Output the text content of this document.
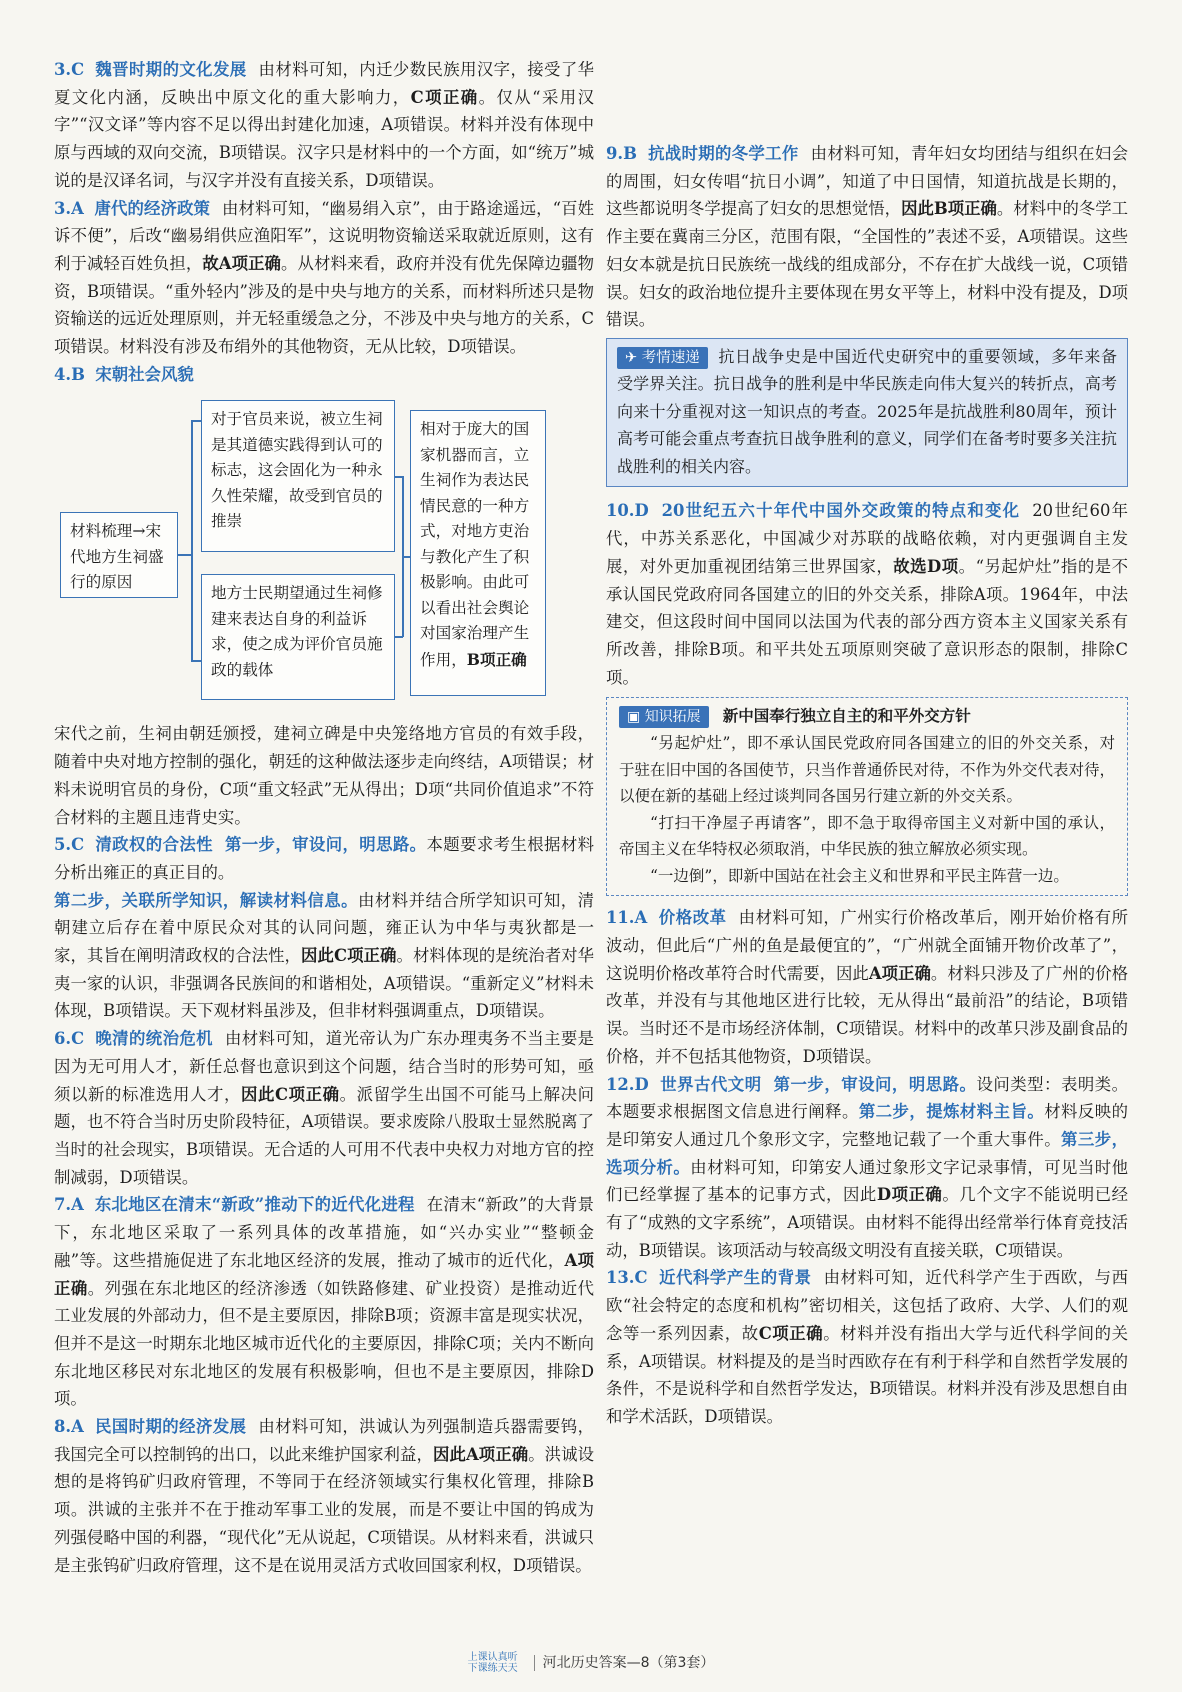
3.C 魏晋时期的文化发展 由材料可知，内迁少数民族用汉字，接受了华夏文化内涵，反映出中原文化的重大影响力，C项正确。仅从“采用汉字”“汉文译”等内容不足以得出封建化加速，A项错误。材料并没有体现中原与西域的双向交流，B项错误。汉字只是材料中的一个方面，如“统万”城说的是汉译名词，与汉字并没有直接关系，D项错误。

3.A 唐代的经济政策 由材料可知，“幽易绢入京”，由于路途遥远，“百姓诉不便”，后改“幽易绢供应渔阳军”，这说明物资输送采取就近原则，这有利于减轻百姓负担，故A项正确。从材料来看，政府并没有优先保障边疆物资，B项错误。“重外轻内”涉及的是中央与地方的关系，而材料所述只是物资输送的远近处理原则，并无轻重缓急之分，不涉及中央与地方的关系，C项错误。材料没有涉及布绢外的其他物资，无从比较，D项错误。

4.B 宋朝社会风貌

材料梳理→宋代地方生祠盛行的原因
对于官员来说，被立生祠是其道德实践得到认可的标志，这会固化为一种永久性荣耀，故受到官员的推崇
地方士民期望通过生祠修建来表达自身的利益诉求，使之成为评价官员施政的载体
相对于庞大的国家机器而言，立生祠作为表达民情民意的一种方式，对地方吏治与教化产生了积极影响。由此可以看出社会舆论对国家治理产生作用，B项正确

宋代之前，生祠由朝廷颁授，建祠立碑是中央笼络地方官员的有效手段，随着中央对地方控制的强化，朝廷的这种做法逐步走向终结，A项错误；材料未说明官员的身份，C项“重文轻武”无从得出；D项“共同价值追求”不符合材料的主题且违背史实。

5.C 清政权的合法性 第一步，审设问，明思路。本题要求考生根据材料分析出雍正的真正目的。
第二步，关联所学知识，解读材料信息。由材料并结合所学知识可知，清朝建立后存在着中原民众对其的认同问题，雍正认为中华与夷狄都是一家，其旨在阐明清政权的合法性，因此C项正确。材料体现的是统治者对华夷一家的认识，非强调各民族间的和谐相处，A项错误。“重新定义”材料未体现，B项错误。天下观材料虽涉及，但非材料强调重点，D项错误。

6.C 晚清的统治危机 由材料可知，道光帝认为广东办理夷务不当主要是因为无可用人才，新任总督也意识到这个问题，结合当时的形势可知，亟须以新的标准选用人才，因此C项正确。派留学生出国不可能马上解决问题，也不符合当时历史阶段特征，A项错误。要求废除八股取士显然脱离了当时的社会现实，B项错误。无合适的人可用不代表中央权力对地方官的控制减弱，D项错误。

7.A 东北地区在清末“新政”推动下的近代化进程 在清末“新政”的大背景下，东北地区采取了一系列具体的改革措施，如“兴办实业”“整顿金融”等。这些措施促进了东北地区经济的发展，推动了城市的近代化，A项正确。列强在东北地区的经济渗透（如铁路修建、矿业投资）是推动近代工业发展的外部动力，但不是主要原因，排除B项；资源丰富是现实状况，但并不是这一时期东北地区城市近代化的主要原因，排除C项；关内不断向东北地区移民对东北地区的发展有积极影响，但也不是主要原因，排除D项。

8.A 民国时期的经济发展 由材料可知，洪诚认为列强制造兵器需要钨，我国完全可以控制钨的出口，以此来维护国家利益，因此A项正确。洪诚设想的是将钨矿归政府管理，不等同于在经济领域实行集权化管理，排除B项。洪诚的主张并不在于推动军事工业的发展，而是不要让中国的钨成为列强侵略中国的利器，“现代化”无从说起，C项错误。从材料来看，洪诚只是主张钨矿归政府管理，这不是在说用灵活方式收回国家利权，D项错误。

9.B 抗战时期的冬学工作 由材料可知，青年妇女均团结与组织在妇会的周围，妇女传唱“抗日小调”，知道了中日国情，知道抗战是长期的，这些都说明冬学提高了妇女的思想觉悟，因此B项正确。材料中的冬学工作主要在冀南三分区，范围有限，“全国性的”表述不妥，A项错误。这些妇女本就是抗日民族统一战线的组成部分，不存在扩大战线一说，C项错误。妇女的政治地位提升主要体现在男女平等上，材料中没有提及，D项错误。

✈ 考情速递 抗日战争史是中国近代史研究中的重要领域，多年来备受学界关注。抗日战争的胜利是中华民族走向伟大复兴的转折点，高考向来十分重视对这一知识点的考查。2025年是抗战胜利80周年，预计高考可能会重点考查抗日战争胜利的意义，同学们在备考时要多关注抗战胜利的相关内容。

10.D 20世纪五六十年代中国外交政策的特点和变化 20世纪60年代，中苏关系恶化，中国减少对苏联的战略依赖，对内更强调自主发展，对外更加重视团结第三世界国家，故选D项。“另起炉灶”指的是不承认国民党政府同各国建立的旧的外交关系，排除A项。1964年，中法建交，但这段时间中国同以法国为代表的部分西方资本主义国家关系有所改善，排除B项。和平共处五项原则突破了意识形态的限制，排除C项。

▣ 知识拓展 新中国奉行独立自主的和平外交方针

“另起炉灶”，即不承认国民党政府同各国建立的旧的外交关系，对于驻在旧中国的各国使节，只当作普通侨民对待，不作为外交代表对待，以便在新的基础上经过谈判同各国另行建立新的外交关系。

“打扫干净屋子再请客”，即不急于取得帝国主义对新中国的承认，帝国主义在华特权必须取消，中华民族的独立解放必须实现。

“一边倒”，即新中国站在社会主义和世界和平民主阵营一边。

11.A 价格改革 由材料可知，广州实行价格改革后，刚开始价格有所波动，但此后“广州的鱼是最便宜的”，“广州就全面铺开物价改革了”，这说明价格改革符合时代需要，因此A项正确。材料只涉及了广州的价格改革，并没有与其他地区进行比较，无从得出“最前沿”的结论，B项错误。当时还不是市场经济体制，C项错误。材料中的改革只涉及副食品的价格，并不包括其他物资，D项错误。

12.D 世界古代文明 第一步，审设问，明思路。设问类型：表明类。本题要求根据图文信息进行阐释。第二步，提炼材料主旨。材料反映的是印第安人通过几个象形文字，完整地记载了一个重大事件。第三步，选项分析。由材料可知，印第安人通过象形文字记录事情，可见当时他们已经掌握了基本的记事方式，因此D项正确。几个文字不能说明已经有了“成熟的文字系统”，A项错误。由材料不能得出经常举行体育竞技活动，B项错误。该项活动与较高级文明没有直接关联，C项错误。

13.C 近代科学产生的背景 由材料可知，近代科学产生于西欧，与西欧“社会特定的态度和机构”密切相关，这包括了政府、大学、人们的观念等一系列因素，故C项正确。材料并没有指出大学与近代科学间的关系，A项错误。材料提及的是当时西欧存在有利于科学和自然哲学发展的条件，不是说科学和自然哲学发达，B项错误。材料并没有涉及思想自由和学术活跃，D项错误。

上课认真听
下课练天天 河北历史答案—8（第3套）
